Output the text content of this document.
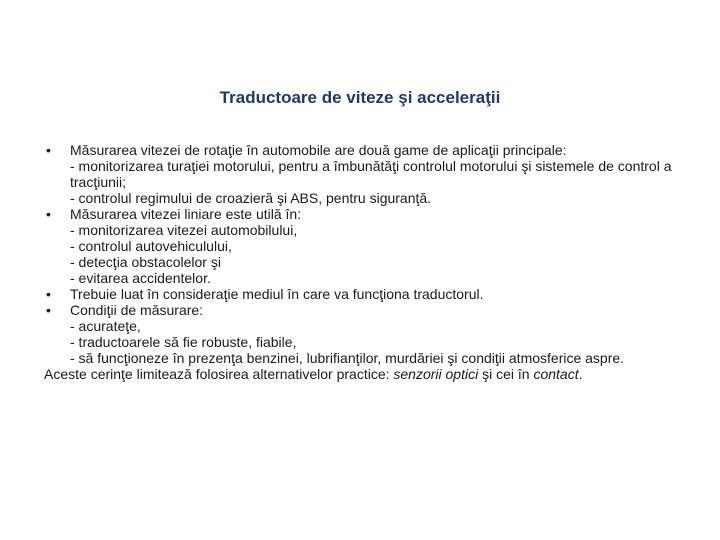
Traductoare de viteze şi acceleraţii
• Măsurarea vitezei de rotaţie în automobile are două game de aplicaţii principale:
- monitorizarea turaţiei motorului, pentru a îmbunătăţi controlul motorului şi sistemele de control a tracţiunii;
- controlul regimului de croazieră şi ABS, pentru siguranţă.
• Măsurarea vitezei liniare este utilă în:
- monitorizarea vitezei automobilului,
- controlul autovehiculului,
- detecţia obstacolelor şi
- evitarea accidentelor.
• Trebuie luat în consideraţie mediul în care va funcţiona traductorul.
• Condiţii de măsurare:
- acurateţe,
- traductoarele să fie robuste, fiabile,
- să funcţioneze în prezenţa benzinei, lubrifianţilor, murdăriei şi condiţii atmosferice aspre.
Aceste cerinţe limitează folosirea alternativelor practice: senzorii optici şi cei în contact.
